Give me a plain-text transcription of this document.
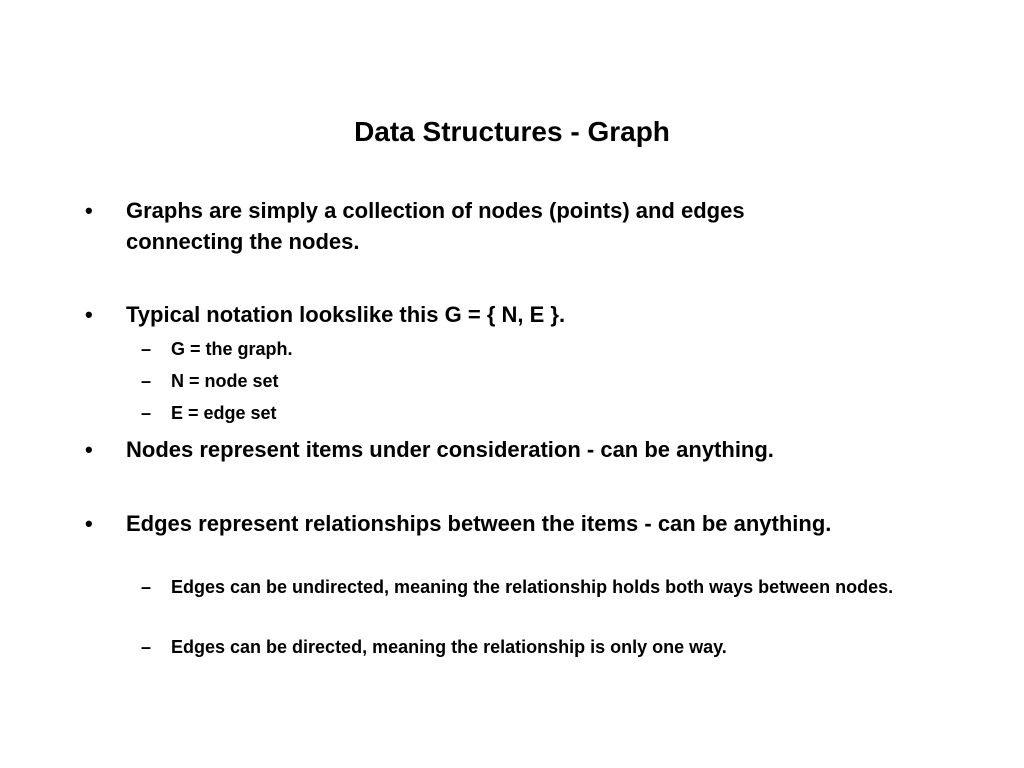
Data Structures - Graph
• Graphs are simply a collection of nodes (points) and edges connecting the nodes.

• Typical notation lookslike this G = { N, E }.

– G = the graph.

– N = node set

– E = edge set

• Nodes represent items under consideration - can be anything.

• Edges represent relationships between the items - can be anything.

– Edges can be undirected, meaning the relationship holds both ways between nodes.

– Edges can be directed, meaning the relationship is only one way.
